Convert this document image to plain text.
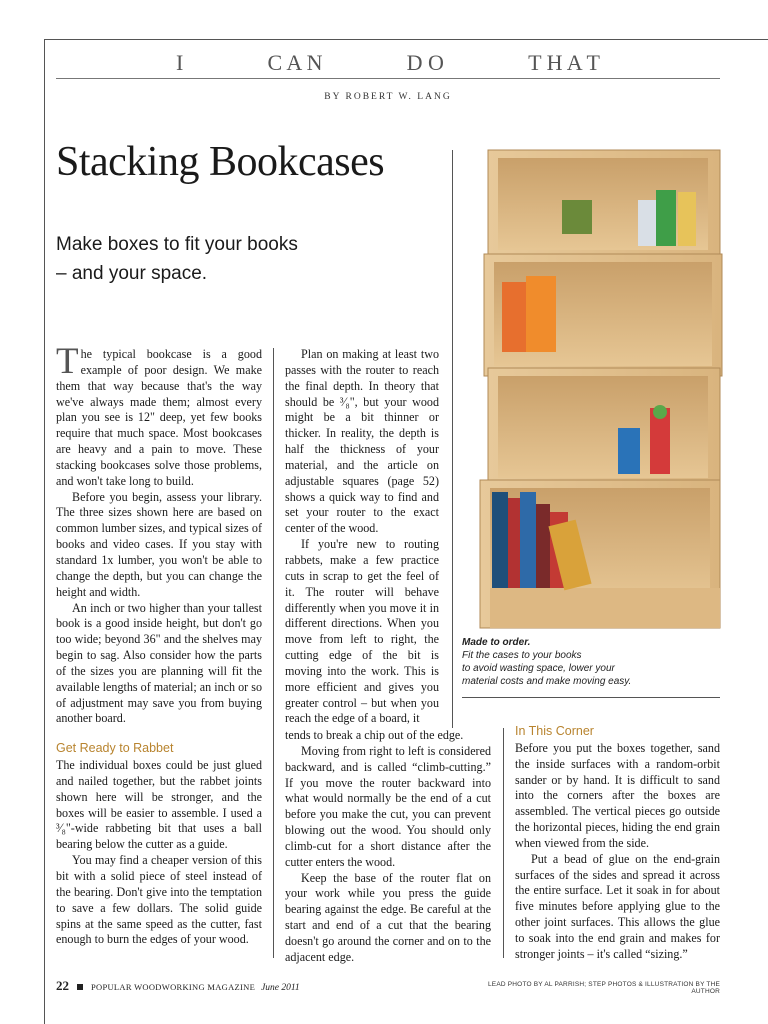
I	C A N	D O	T H A T
BY ROBERT W. LANG
Stacking Bookcases
Make boxes to fit your books
– and your space.

The typical bookcase is a good example of poor design. We make them that way because that's the way we've always made them; almost every plan you see is 12" deep, yet few books require that much space. Most bookcases are heavy and a pain to move. These stacking bookcases solve those problems, and won't take long to build.

Before you begin, assess your library. The three sizes shown here are based on common lumber sizes, and typical sizes of books and video cases. If you stay with standard 1x lumber, you won't be able to change the depth, but you can change the height and width.

An inch or two higher than your tallest book is a good inside height, but don't go too wide; beyond 36" and the shelves may begin to sag. Also consider how the parts of the sizes you are planning will fit the available lengths of material; an inch or so of adjustment may save you from buying another board.

Get Ready to Rabbet

The individual boxes could be just glued and nailed together, but the rabbet joints shown here will be stronger, and the boxes will be easier to assemble. I used a ³⁄₈"-wide rabbeting bit that uses a ball bearing below the cutter as a guide.

You may find a cheaper version of this bit with a solid piece of steel instead of the bearing. Don't give into the temptation to save a few dollars. The solid guide spins at the same speed as the cutter, fast enough to burn the edges of your wood.

Plan on making at least two passes with the router to reach the final depth. In theory that should be ³⁄₈", but your wood might be a bit thinner or thicker. In reality, the depth is half the thickness of your material, and the article on adjustable squares (page 52) shows a quick way to find and set your router to the exact center of the wood.

If you're new to routing rabbets, make a few practice cuts in scrap to get the feel of it. The router will behave differently when you move it in different directions. When you move from left to right, the cutting edge of the bit is moving into the work. This is more efficient and gives you greater control – but when you reach the edge of a board, it

tends to break a chip out of the edge.

Moving from right to left is considered backward, and is called “climb-cutting.” If you move the router backward into what would normally be the end of a cut before you make the cut, you can prevent blowing out the wood. You should only climb-cut for a short distance after the cutter enters the wood.

Keep the base of the router flat on your work while you press the guide bearing against the edge. Be careful at the start and end of a cut that the bearing doesn't go around the corner and on to the adjacent edge.

In This Corner

Before you put the boxes together, sand the inside surfaces with a random-orbit sander or by hand. It is difficult to sand into the corners after the boxes are assembled. The vertical pieces go outside the horizontal pieces, hiding the end grain when viewed from the side.

Put a bead of glue on the end-grain surfaces of the sides and spread it across the entire surface. Let it soak in for about five minutes before applying glue to the other joint surfaces. This allows the glue to soak into the end grain and makes for stronger joints – it's called “sizing.”

Made to order.
Fit the cases to your books
to avoid wasting space, lower your
material costs and make moving easy.
22	POPULAR WOODWORKING MAGAZINE June 2011	LEAD PHOTO BY AL PARRISH; STEP PHOTOS & ILLUSTRATION BY THE AUTHOR
